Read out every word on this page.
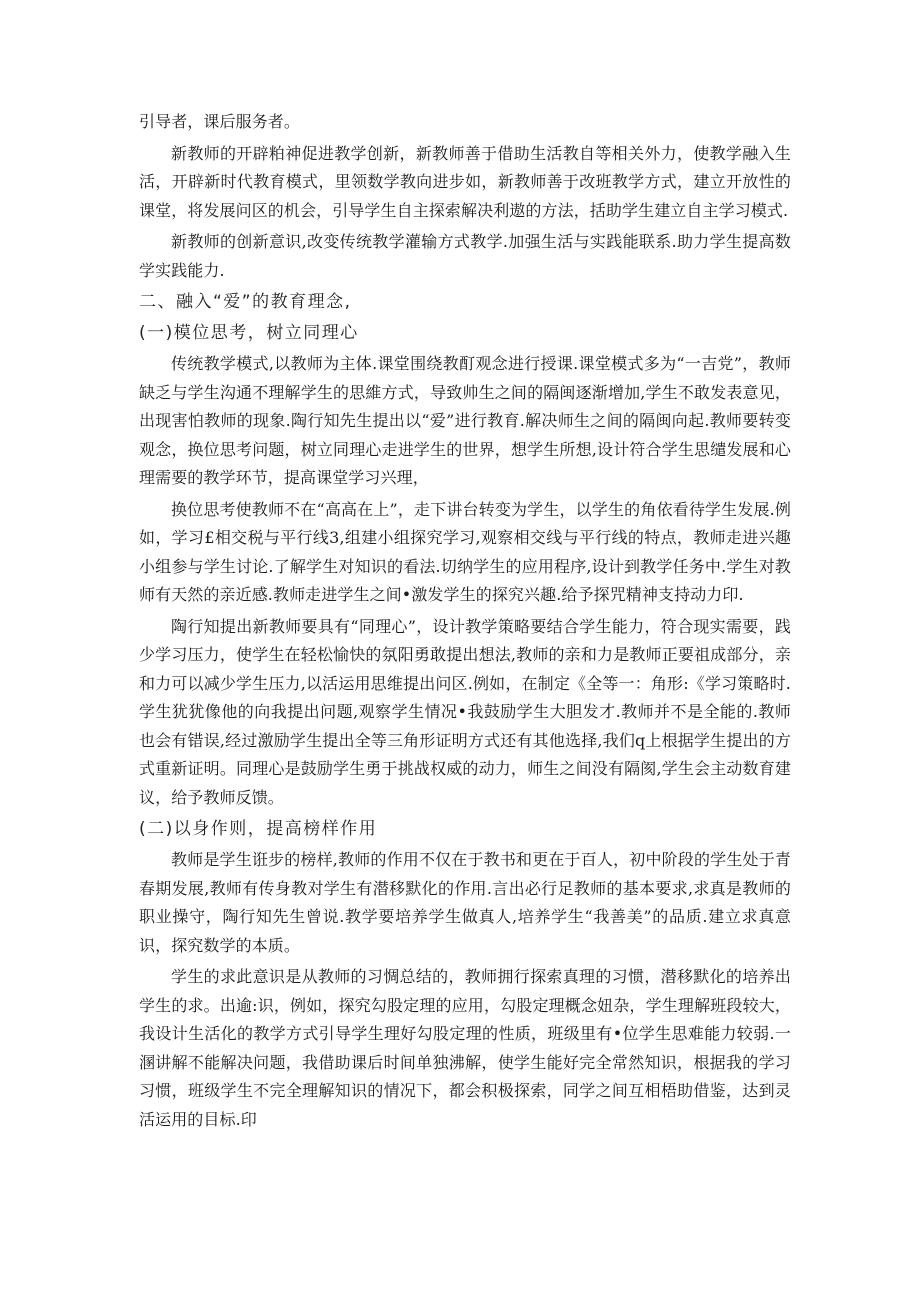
引导者，课后服务者。

新教师的开辟粕神促进教学创新，新教师善于借助生活教自等相关外力，使教学融入生活，开辟新时代教育模式，里领数学教向进步如，新教师善于改班教学方式，建立开放性的课堂，将发展问区的机会，引导学生自主探索解决利遨的方法，括助学生建立自主学习模式.

新教师的创新意识,改变传统教学灌输方式教学.加强生活与实践能联系.助力学生提高数学实践能力.

二、融入“爱”的教育理念,
(一)模位思考，树立同理心

传统教学模式,以教师为主体.课堂围绕教酊观念进行授课.课堂模式多为“一吉党”，教师缺乏与学生沟通不理解学生的思維方式，导致帅生之间的隔闽逐渐增加,学生不敢发表意见，出现害怕教师的现象.陶行知先生提出以“爱”进行教育.解决师生之间的隔闽向起.教师要转变观念，换位思考问题，树立同理心走进学生的世界，想学生所想,设计符合学生思缱发展和心理需要的教学环节，提高课堂学习兴理，

换位思考使教师不在“高高在上”，走下讲台转变为学生，以学生的角依看待学生发展.例如，学习£相交税与平行线3,组建小组探究学习,观察相交线与平行线的特点，教师走进兴趣小组参与学生讨论.了解学生对知识的看法.切纳学生的应用程序,设计到教学任务中.学生对教师有天然的亲近感.教师走进学生之间•激发学生的探究兴趣.给予探咒精神支持动力印.

陶行知提出新教师要具有“同理心”，设计教学策略要结合学生能力，符合现实需要，践少学习压力，使学生在轻松愉快的氛阳勇敢提出想法,教师的亲和力是教师正要祖成部分，亲和力可以减少学生压力,以活运用思维提出问区.例如，在制定《全等一：角形:《学习策略时.学生犹犹像他的向我提出问题,观察学生情况•我鼓励学生大胆发才.教师并不是全能的.教师也会有错误,经过激励学生提出全等三角形证明方式还有其他选择,我们q上根据学生提出的方式重新证明。同理心是鼓励学生勇于挑战权威的动力，师生之间没有隔阂,学生会主动数育建议，给予教师反馈。

(二)以身作则，提高榜样作用

教师是学生诳步的榜样,教师的作用不仅在于教书和更在于百人，初中阶段的学生处于青春期发展,教师有传身教对学生有潜移默化的作用.言出必行足教师的基本要求,求真是教师的职业操守，陶行知先生曾说.教学要培养学生做真人,培养学生“我善美”的品质.建立求真意识，探究数学的本质。

学生的求此意识是从教师的习惆总结的，教师拥行探索真理的习惯，潜移默化的培养出学生的求。出逾:识，例如，探究勾股定理的应用，勾股定理概念妞杂，学生理解班段较大，我设计生活化的教学方式引导学生理好勾股定理的性质，班级里有•位学生思难能力较弱.一溷讲解不能解决问题，我借助课后时间单独沸解，使学生能好完全常然知识，根据我的学习习惯，班级学生不完全理解知识的情况下，都会积极探索，同学之间互相梧助借鉴，达到灵活运用的目标.印
